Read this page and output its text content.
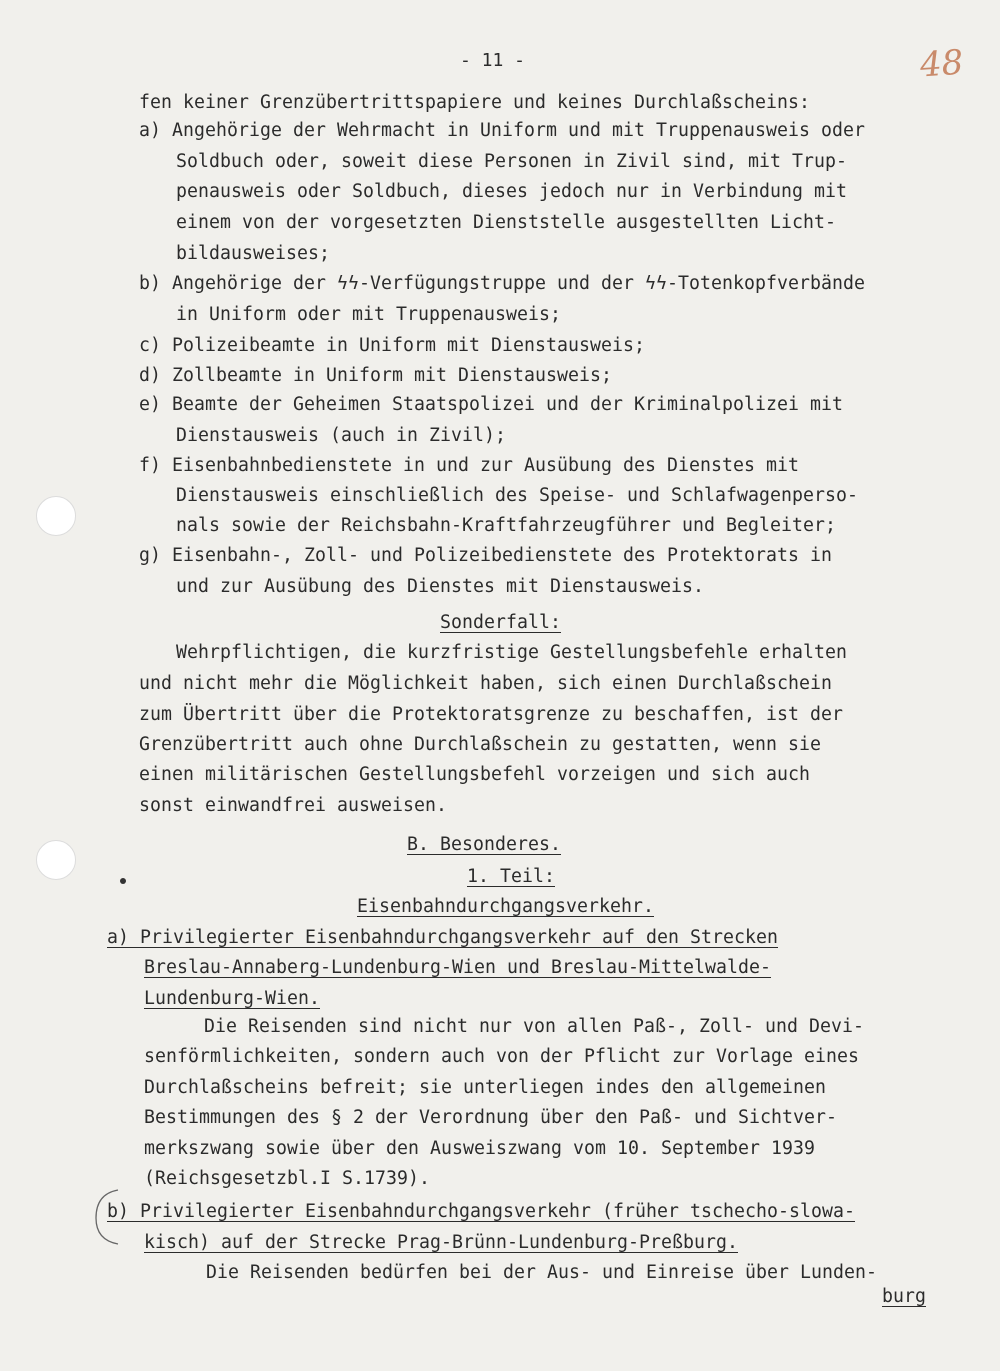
- 11 -	48
fen keiner Grenzübertrittspapiere und keines Durchlaßscheins:
a) Angehörige der Wehrmacht in Uniform und mit Truppenausweis oder
Soldbuch oder, soweit diese Personen in Zivil sind, mit Trup-
penausweis oder Soldbuch, dieses jedoch nur in Verbindung mit
einem von der vorgesetzten Dienststelle ausgestellten Licht-
bildausweises;
b) Angehörige der ϟϟ-Verfügungstruppe und der ϟϟ-Totenkopfverbände
in Uniform oder mit Truppenausweis;
c) Polizeibeamte in Uniform mit Dienstausweis;
d) Zollbeamte in Uniform mit Dienstausweis;
e) Beamte der Geheimen Staatspolizei und der Kriminalpolizei mit
Dienstausweis (auch in Zivil);
f) Eisenbahnbedienstete in und zur Ausübung des Dienstes mit
Dienstausweis einschließlich des Speise- und Schlafwagenperso-
nals sowie der Reichsbahn-Kraftfahrzeugführer und Begleiter;
g) Eisenbahn-, Zoll- und Polizeibedienstete des Protektorats in
und zur Ausübung des Dienstes mit Dienstausweis.
Sonderfall:
Wehrpflichtigen, die kurzfristige Gestellungsbefehle erhalten
und nicht mehr die Möglichkeit haben, sich einen Durchlaßschein
zum Übertritt über die Protektoratsgrenze zu beschaffen, ist der
Grenzübertritt auch ohne Durchlaßschein zu gestatten, wenn sie
einen militärischen Gestellungsbefehl vorzeigen und sich auch
sonst einwandfrei ausweisen.
B. Besonderes.
1. Teil:
Eisenbahndurchgangsverkehr.
a) Privilegierter Eisenbahndurchgangsverkehr auf den Strecken
Breslau-Annaberg-Lundenburg-Wien und Breslau-Mittelwalde-
Lundenburg-Wien.
Die Reisenden sind nicht nur von allen Paß-, Zoll- und Devi-
senförmlichkeiten, sondern auch von der Pflicht zur Vorlage eines
Durchlaßscheins befreit; sie unterliegen indes den allgemeinen
Bestimmungen des § 2 der Verordnung über den Paß- und Sichtver-
merkszwang sowie über den Ausweiszwang vom 10. September 1939
(Reichsgesetzbl.I S.1739).
b) Privilegierter Eisenbahndurchgangsverkehr (früher tschecho-slowa-
kisch) auf der Strecke Prag-Brünn-Lundenburg-Preßburg.
Die Reisenden bedürfen bei der Aus- und Einreise über Lunden-
burg
